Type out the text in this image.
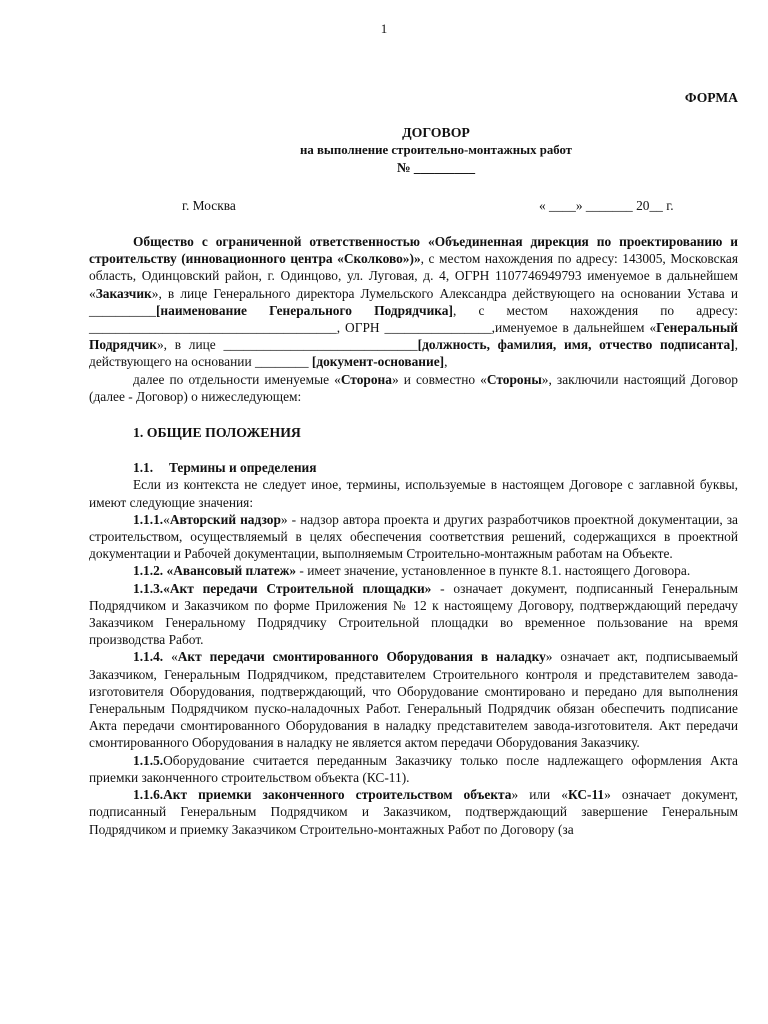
1
ФОРМА
ДОГОВОР
на выполнение строительно-монтажных работ
№ _________
г. Москва	« ____» _______ 20__ г.

Общество с ограниченной ответственностью «Объединенная дирекция по проектированию и строительству (инновационного центра «Сколково»)», с местом нахождения по адресу: 143005, Московская область, Одинцовский район, г. Одинцово, ул. Луговая, д. 4, ОГРН 1107746949793 именуемое в дальнейшем «Заказчик», в лице Генерального директора Лумельского Александра действующего на основании Устава и __________[наименование Генерального Подрядчика], с местом нахождения по адресу: _____________________________________, ОГРН ________________,именуемое в дальнейшем «Генеральный Подрядчик», в лице _____________________________[должность, фамилия, имя, отчество подписанта], действующего на основании ________ [документ-основание],

далее по отдельности именуемые «Сторона» и совместно «Стороны», заключили настоящий Договор (далее - Договор) о нижеследующем:

1. ОБЩИЕ ПОЛОЖЕНИЯ
1.1. Термины и определения

Если из контекста не следует иное, термины, используемые в настоящем Договоре с заглавной буквы, имеют следующие значения:

1.1.1.«Авторский надзор» - надзор автора проекта и других разработчиков проектной документации, за строительством, осуществляемый в целях обеспечения соответствия решений, содержащихся в проектной документации и Рабочей документации, выполняемым Строительно-монтажным работам на Объекте.

1.1.2. «Авансовый платеж» - имеет значение, установленное в пункте 8.1. настоящего Договора.

1.1.3.«Акт передачи Строительной площадки» - означает документ, подписанный Генеральным Подрядчиком и Заказчиком по форме Приложения № 12 к настоящему Договору, подтверждающий передачу Заказчиком Генеральному Подрядчику Строительной площадки во временное пользование на время производства Работ.

1.1.4. «Акт передачи смонтированного Оборудования в наладку» означает акт, подписываемый Заказчиком, Генеральным Подрядчиком, представителем Строительного контроля и представителем завода-изготовителя Оборудования, подтверждающий, что Оборудование смонтировано и передано для выполнения Генеральным Подрядчиком пуско-наладочных Работ. Генеральный Подрядчик обязан обеспечить подписание Акта передачи смонтированного Оборудования в наладку представителем завода-изготовителя. Акт передачи смонтированного Оборудования в наладку не является актом передачи Оборудования Заказчику.

1.1.5.Оборудование считается переданным Заказчику только после надлежащего оформления Акта приемки законченного строительством объекта (КС-11).

1.1.6.Акт приемки законченного строительством объекта» или «КС-11» означает документ, подписанный Генеральным Подрядчиком и Заказчиком, подтверждающий завершение Генеральным Подрядчиком и приемку Заказчиком Строительно-монтажных Работ по Договору (за
